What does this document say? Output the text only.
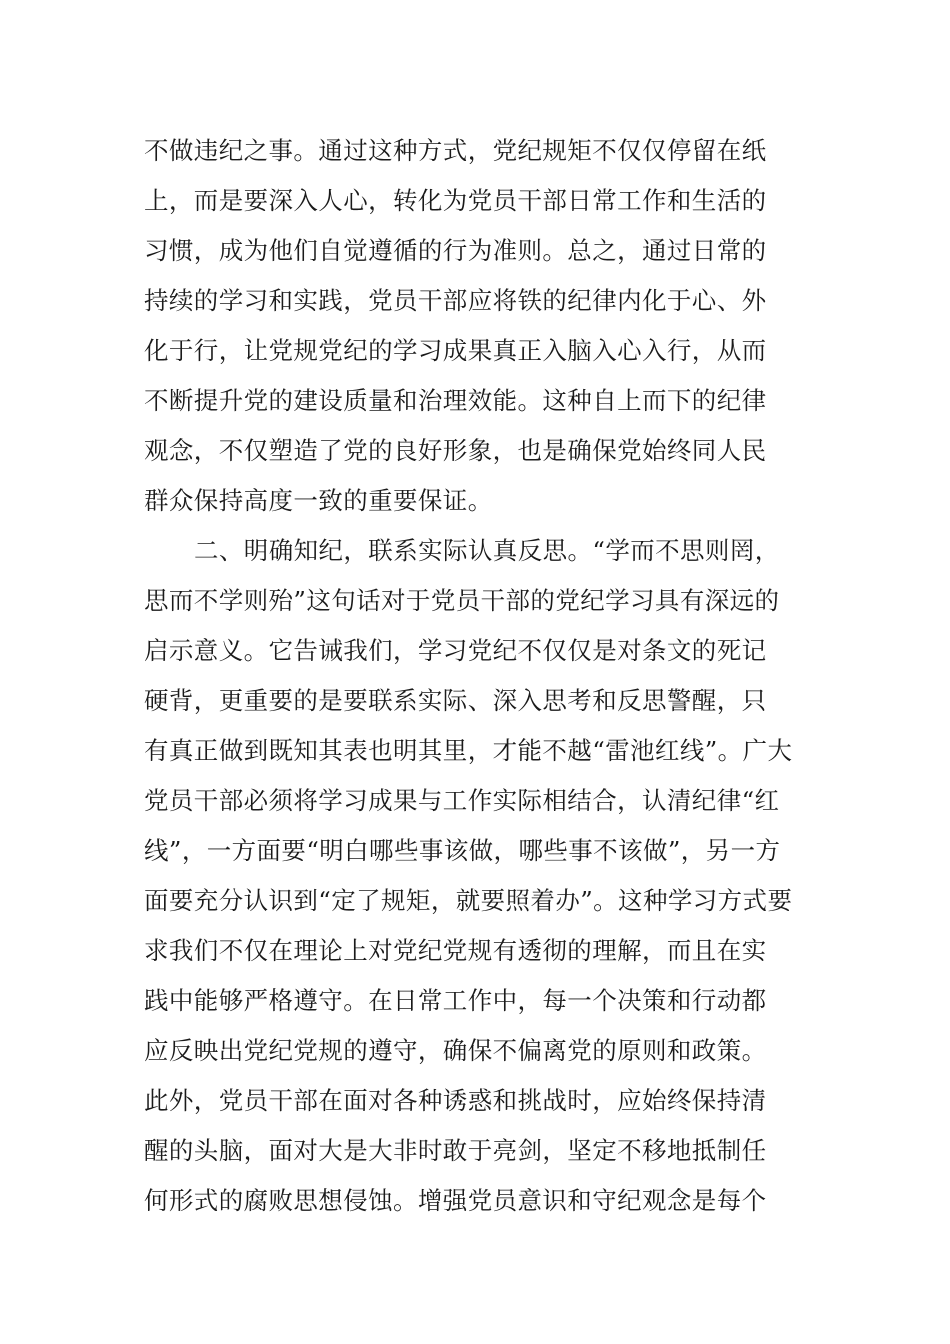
不做违纪之事。通过这种方式，党纪规矩不仅仅停留在纸
上，而是要深入人心，转化为党员干部日常工作和生活的
习惯，成为他们自觉遵循的行为准则。总之，通过日常的
持续的学习和实践，党员干部应将铁的纪律内化于心、外
化于行，让党规党纪的学习成果真正入脑入心入行，从而
不断提升党的建设质量和治理效能。这种自上而下的纪律
观念，不仅塑造了党的良好形象，也是确保党始终同人民
群众保持高度一致的重要保证。
二、明确知纪，联系实际认真反思。“学而不思则罔，
思而不学则殆”这句话对于党员干部的党纪学习具有深远的
启示意义。它告诫我们，学习党纪不仅仅是对条文的死记
硬背，更重要的是要联系实际、深入思考和反思警醒，只
有真正做到既知其表也明其里，才能不越“雷池红线”。广大
党员干部必须将学习成果与工作实际相结合，认清纪律“红
线”，一方面要“明白哪些事该做，哪些事不该做”，另一方
面要充分认识到“定了规矩，就要照着办”。这种学习方式要
求我们不仅在理论上对党纪党规有透彻的理解，而且在实
践中能够严格遵守。在日常工作中，每一个决策和行动都
应反映出党纪党规的遵守，确保不偏离党的原则和政策。
此外，党员干部在面对各种诱惑和挑战时，应始终保持清
醒的头脑，面对大是大非时敢于亮剑，坚定不移地抵制任
何形式的腐败思想侵蚀。增强党员意识和守纪观念是每个
